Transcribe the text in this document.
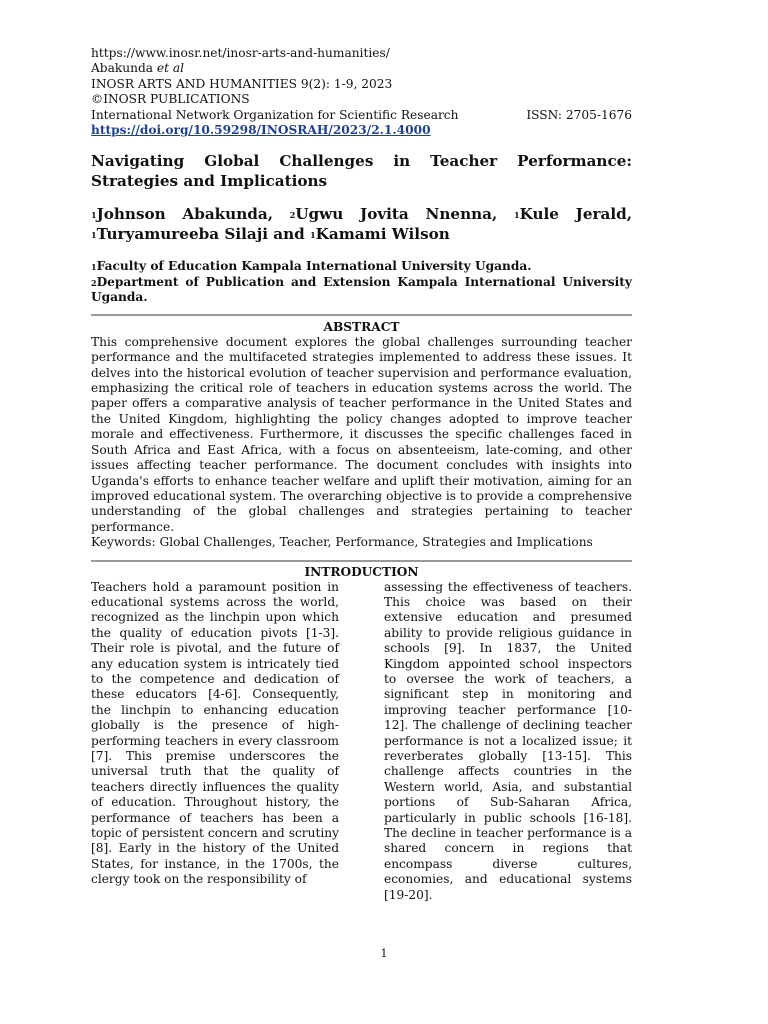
https://www.inosr.net/inosr-arts-and-humanities/
Abakunda et al
INOSR ARTS AND HUMANITIES 9(2): 1-9, 2023
©INOSR PUBLICATIONS
International Network Organization for Scientific Research	ISSN: 2705-1676
https://doi.org/10.59298/INOSRAH/2023/2.1.4000
Navigating Global Challenges in Teacher Performance: Strategies and Implications
$^1$Johnson Abakunda, $^2$Ugwu Jovita Nnenna, $^1$Kule Jerald, $^1$Turyamureeba Silaji and $^1$Kamami Wilson
$^1$Faculty of Education Kampala International University Uganda.
$^2$Department of Publication and Extension Kampala International University Uganda.
ABSTRACT
This comprehensive document explores the global challenges surrounding teacher performance and the multifaceted strategies implemented to address these issues. It delves into the historical evolution of teacher supervision and performance evaluation, emphasizing the critical role of teachers in education systems across the world. The paper offers a comparative analysis of teacher performance in the United States and the United Kingdom, highlighting the policy changes adopted to improve teacher morale and effectiveness. Furthermore, it discusses the specific challenges faced in South Africa and East Africa, with a focus on absenteeism, late-coming, and other issues affecting teacher performance. The document concludes with insights into Uganda's efforts to enhance teacher welfare and uplift their motivation, aiming for an improved educational system. The overarching objective is to provide a comprehensive understanding of the global challenges and strategies pertaining to teacher performance.
Keywords: Global Challenges, Teacher, Performance, Strategies and Implications
INTRODUCTION
Teachers hold a paramount position in educational systems across the world, recognized as the linchpin upon which the quality of education pivots [1-3]. Their role is pivotal, and the future of any education system is intricately tied to the competence and dedication of these educators [4-6]. Consequently, the linchpin to enhancing education globally is the presence of high-performing teachers in every classroom [7]. This premise underscores the universal truth that the quality of teachers directly influences the quality of education. Throughout history, the performance of teachers has been a topic of persistent concern and scrutiny [8]. Early in the history of the United States, for instance, in the 1700s, the clergy took on the responsibility of
assessing the effectiveness of teachers. This choice was based on their extensive education and presumed ability to provide religious guidance in schools [9]. In 1837, the United Kingdom appointed school inspectors to oversee the work of teachers, a significant step in monitoring and improving teacher performance [10-12]. The challenge of declining teacher performance is not a localized issue; it reverberates globally [13-15]. This challenge affects countries in the Western world, Asia, and substantial portions of Sub-Saharan Africa, particularly in public schools [16-18]. The decline in teacher performance is a shared concern in regions that encompass diverse cultures, economies, and educational systems [19-20].
1
